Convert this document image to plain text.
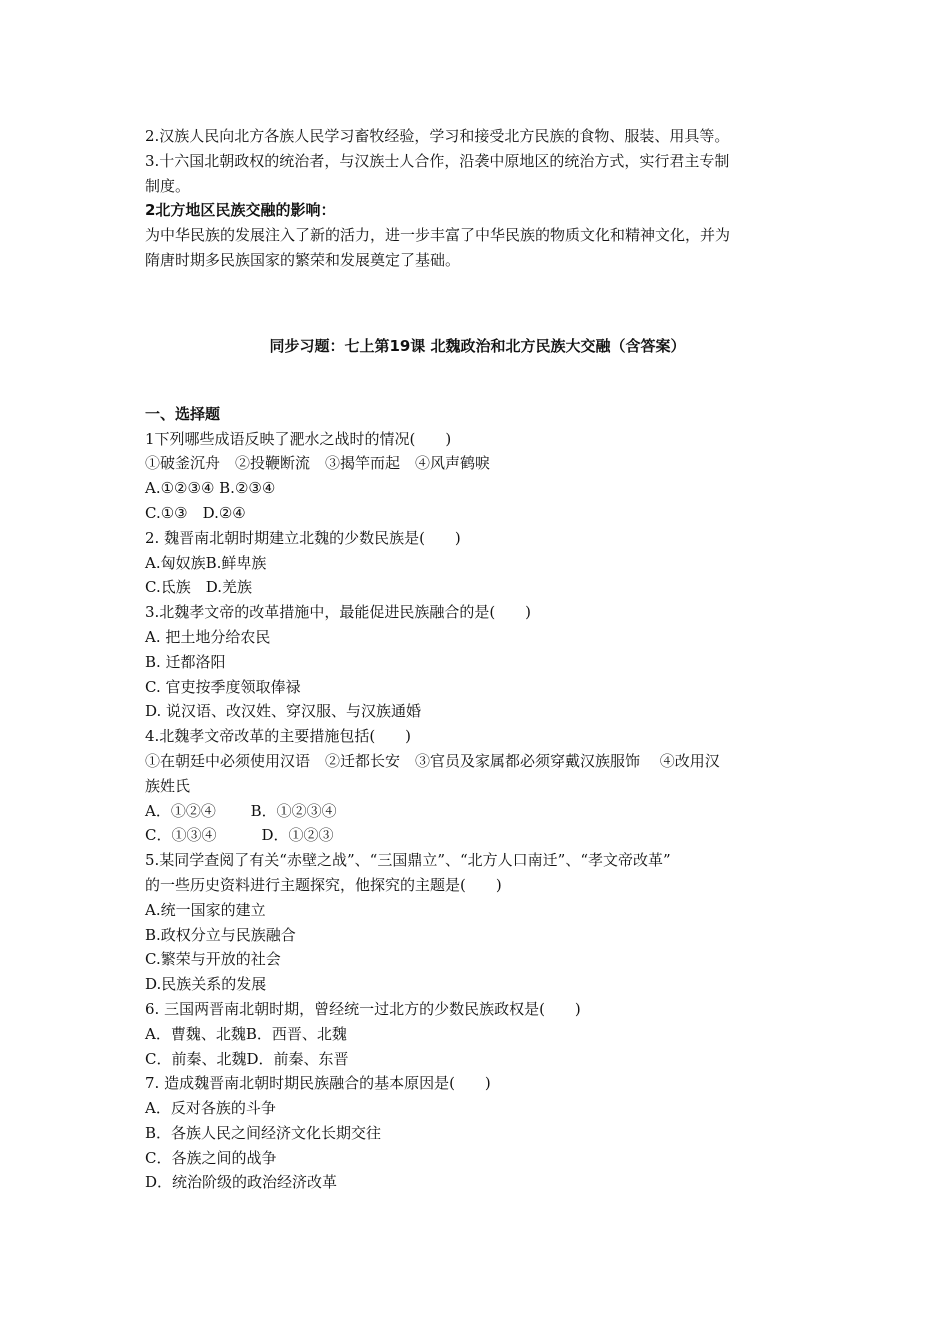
2.汉族人民向北方各族人民学习畜牧经验，学习和接受北方民族的食物、服装、用具等。
3.十六国北朝政权的统治者，与汉族士人合作，沿袭中原地区的统治方式，实行君主专制
制度。
2北方地区民族交融的影响：
为中华民族的发展注入了新的活力，进一步丰富了中华民族的物质文化和精神文化，并为
隋唐时期多民族国家的繁荣和发展奠定了基础。
同步习题：七上第19课 北魏政治和北方民族大交融（含答案）
一、选择题
1下列哪些成语反映了淝水之战时的情况(　　)
①破釜沉舟　②投鞭断流　③揭竿而起　④风声鹤唳
A.①②③④ B.②③④
C.①③　D.②④
2. 魏晋南北朝时期建立北魏的少数民族是(　　)
A.匈奴族B.鲜卑族
C.氐族　D.羌族
3.北魏孝文帝的改革措施中，最能促进民族融合的是(　　)
A. 把土地分给农民
B. 迁都洛阳
C. 官吏按季度领取俸禄
D. 说汉语、改汉姓、穿汉服、与汉族通婚
4.北魏孝文帝改革的主要措施包括(　　)
①在朝廷中必须使用汉语　②迁都长安　③官员及家属都必须穿戴汉族服饰　 ④改用汉
族姓氏
A．①②④　　 B．①②③④
C．①③④　　　D．①②③
5.某同学查阅了有关“赤壁之战”、“三国鼎立”、“北方人口南迁”、“孝文帝改革”
的一些历史资料进行主题探究，他探究的主题是(　　)
A.统一国家的建立
B.政权分立与民族融合
C.繁荣与开放的社会
D.民族关系的发展
6. 三国两晋南北朝时期，曾经统一过北方的少数民族政权是(　　)
A．曹魏、北魏B．西晋、北魏
C．前秦、北魏D．前秦、东晋
7. 造成魏晋南北朝时期民族融合的基本原因是(　　)
A．反对各族的斗争
B．各族人民之间经济文化长期交往
C．各族之间的战争
D．统治阶级的政治经济改革
